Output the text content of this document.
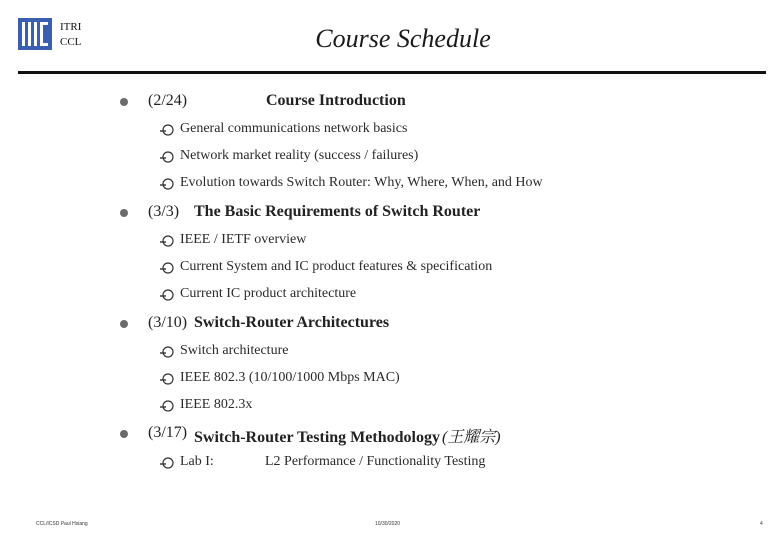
ITRI
CCL	Course Schedule
(2/24)	Course Introduction
General communications network basics
Network market reality (success / failures)
Evolution towards Switch Router: Why, Where, When, and How
(3/3) The Basic Requirements of Switch Router
IEEE / IETF overview
Current System and IC product features & specification
Current IC product architecture
(3/10) Switch-Router Architectures
Switch architecture
IEEE 802.3 (10/100/1000 Mbps MAC)
IEEE 802.3x
(3/17) Switch-Router Testing Methodology (王耀宗)
Lab I:	L2 Performance / Functionality Testing
CCL/ICSD Paul Hsiang	10/30/2020	4
